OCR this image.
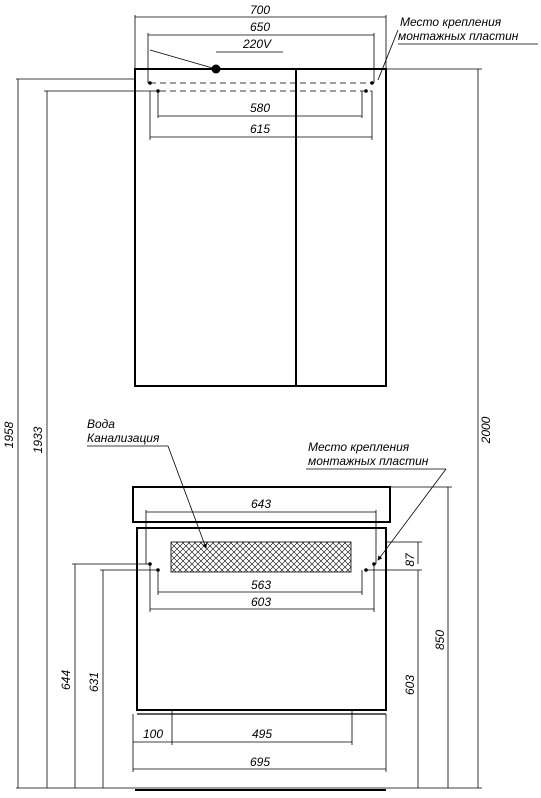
700
650
220V
580
615
Место крепления
монтажных пластин
1958 1933	2000
644 631
850
603
87
Вода
Канализация
Место крепления
монтажных пластин
643
563
603
100	495
695
